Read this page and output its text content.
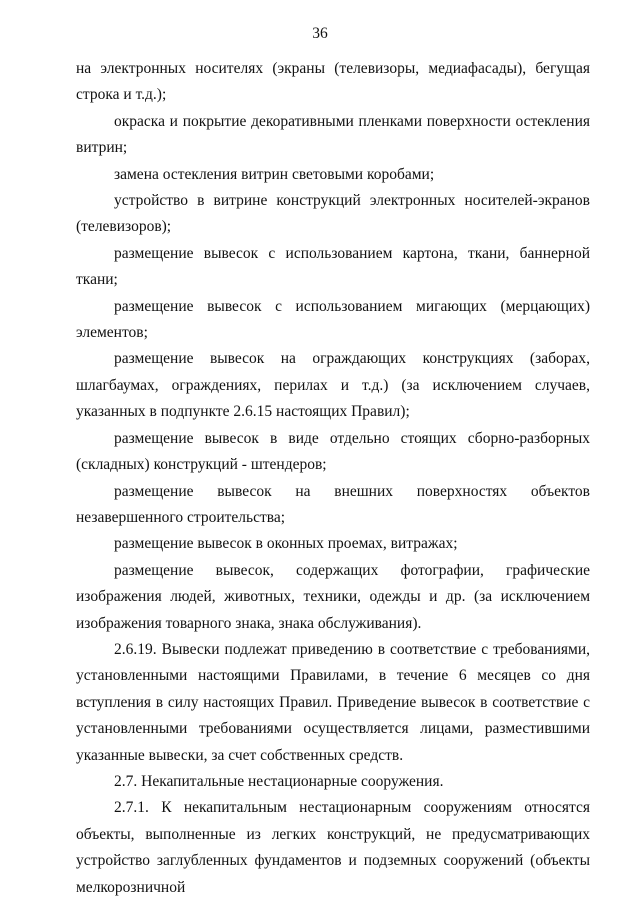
36

на электронных носителях (экраны (телевизоры, медиафасады), бегущая строка и т.д.);

окраска и покрытие декоративными пленками поверхности остекления витрин;

замена остекления витрин световыми коробами;

устройство в витрине конструкций электронных носителей-экранов (телевизоров);

размещение вывесок с использованием картона, ткани, баннерной ткани;

размещение вывесок с использованием мигающих (мерцающих) элементов;

размещение вывесок на ограждающих конструкциях (заборах, шлагбаумах, ограждениях, перилах и т.д.) (за исключением случаев, указанных в подпункте 2.6.15 настоящих Правил);

размещение вывесок в виде отдельно стоящих сборно-разборных (складных) конструкций - штендеров;

размещение вывесок на внешних поверхностях объектов незавершенного строительства;

размещение вывесок в оконных проемах, витражах;

размещение вывесок, содержащих фотографии, графические изображения людей, животных, техники, одежды и др. (за исключением изображения товарного знака, знака обслуживания).

2.6.19. Вывески подлежат приведению в соответствие с требованиями, установленными настоящими Правилами, в течение 6 месяцев со дня вступления в силу настоящих Правил. Приведение вывесок в соответствие с установленными требованиями осуществляется лицами, разместившими указанные вывески, за счет собственных средств.

2.7. Некапитальные нестационарные сооружения.

2.7.1. К некапитальным нестационарным сооружениям относятся объекты, выполненные из легких конструкций, не предусматривающих устройство заглубленных фундаментов и подземных сооружений (объекты мелкорозничной
